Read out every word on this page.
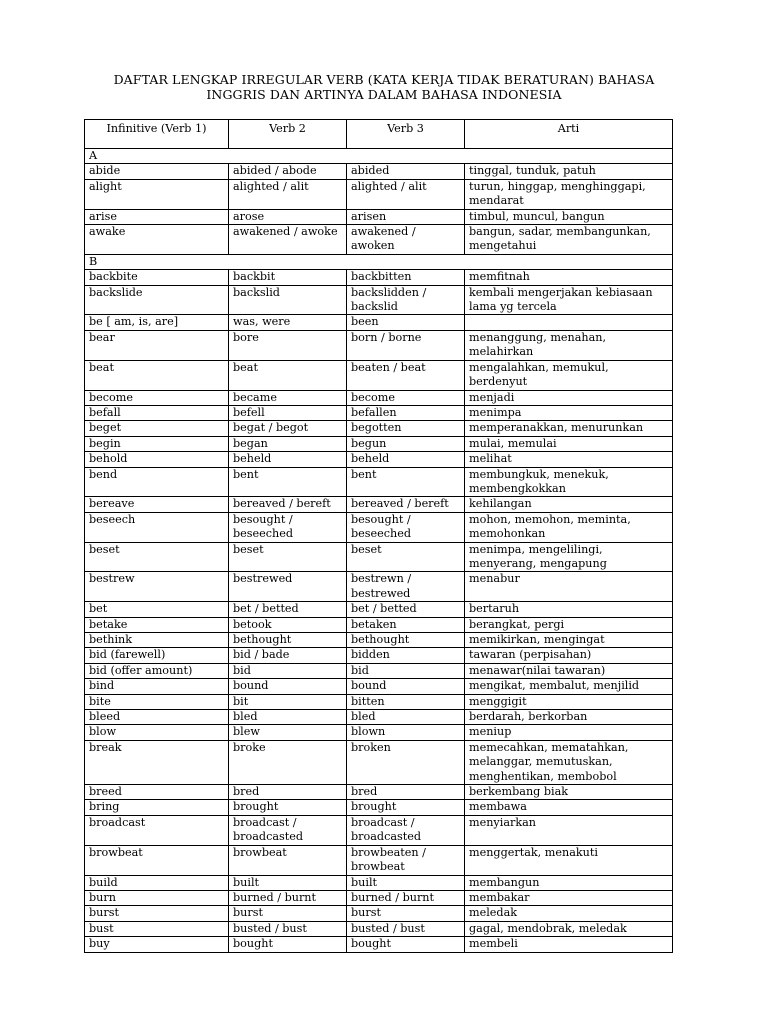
DAFTAR LENGKAP IRREGULAR VERB (KATA KERJA TIDAK BERATURAN) BAHASA
INGGRIS DAN ARTINYA DALAM BAHASA INDONESIA
Infinitive (Verb 1)	Verb 2	Verb 3	Arti
A			
abide	abided / abode	abided	tinggal, tunduk, patuh
alight	alighted / alit	alighted / alit	turun, hinggap, menghinggapi, mendarat
arise	arose	arisen	timbul, muncul, bangun
awake	awakened / awoke	awakened / awoken	bangun, sadar, membangunkan, mengetahui
B			
backbite	backbit	backbitten	memfitnah
backslide	backslid	backslidden / backslid	kembali mengerjakan kebiasaan lama yg tercela
be [ am, is, are]	was, were	been	
bear	bore	born / borne	menanggung, menahan, melahirkan
beat	beat	beaten / beat	mengalahkan, memukul, berdenyut
become	became	become	menjadi
befall	befell	befallen	menimpa
beget	begat / begot	begotten	memperanakkan, menurunkan
begin	began	begun	mulai, memulai
behold	beheld	beheld	melihat
bend	bent	bent	membungkuk, menekuk, membengkokkan
bereave	bereaved / bereft	bereaved / bereft	kehilangan
beseech	besought / beseeched	besought / beseeched	mohon, memohon, meminta, memohonkan
beset	beset	beset	menimpa, mengelilingi, menyerang, mengapung
bestrew	bestrewed	bestrewn / bestrewed	menabur
bet	bet / betted	bet / betted	bertaruh
betake	betook	betaken	berangkat, pergi
bethink	bethought	bethought	memikirkan, mengingat
bid (farewell)	bid / bade	bidden	tawaran (perpisahan)
bid (offer amount)	bid	bid	menawar(nilai tawaran)
bind	bound	bound	mengikat, membalut, menjilid
bite	bit	bitten	menggigit
bleed	bled	bled	berdarah, berkorban
blow	blew	blown	meniup
break	broke	broken	memecahkan, mematahkan, melanggar, memutuskan, menghentikan, membobol
breed	bred	bred	berkembang biak
bring	brought	brought	membawa
broadcast	broadcast / broadcasted	broadcast / broadcasted	menyiarkan
browbeat	browbeat	browbeaten / browbeat	menggertak, menakuti
build	built	built	membangun
burn	burned / burnt	burned / burnt	membakar
burst	burst	burst	meledak
bust	busted / bust	busted / bust	gagal, mendobrak, meledak
buy	bought	bought	membeli
